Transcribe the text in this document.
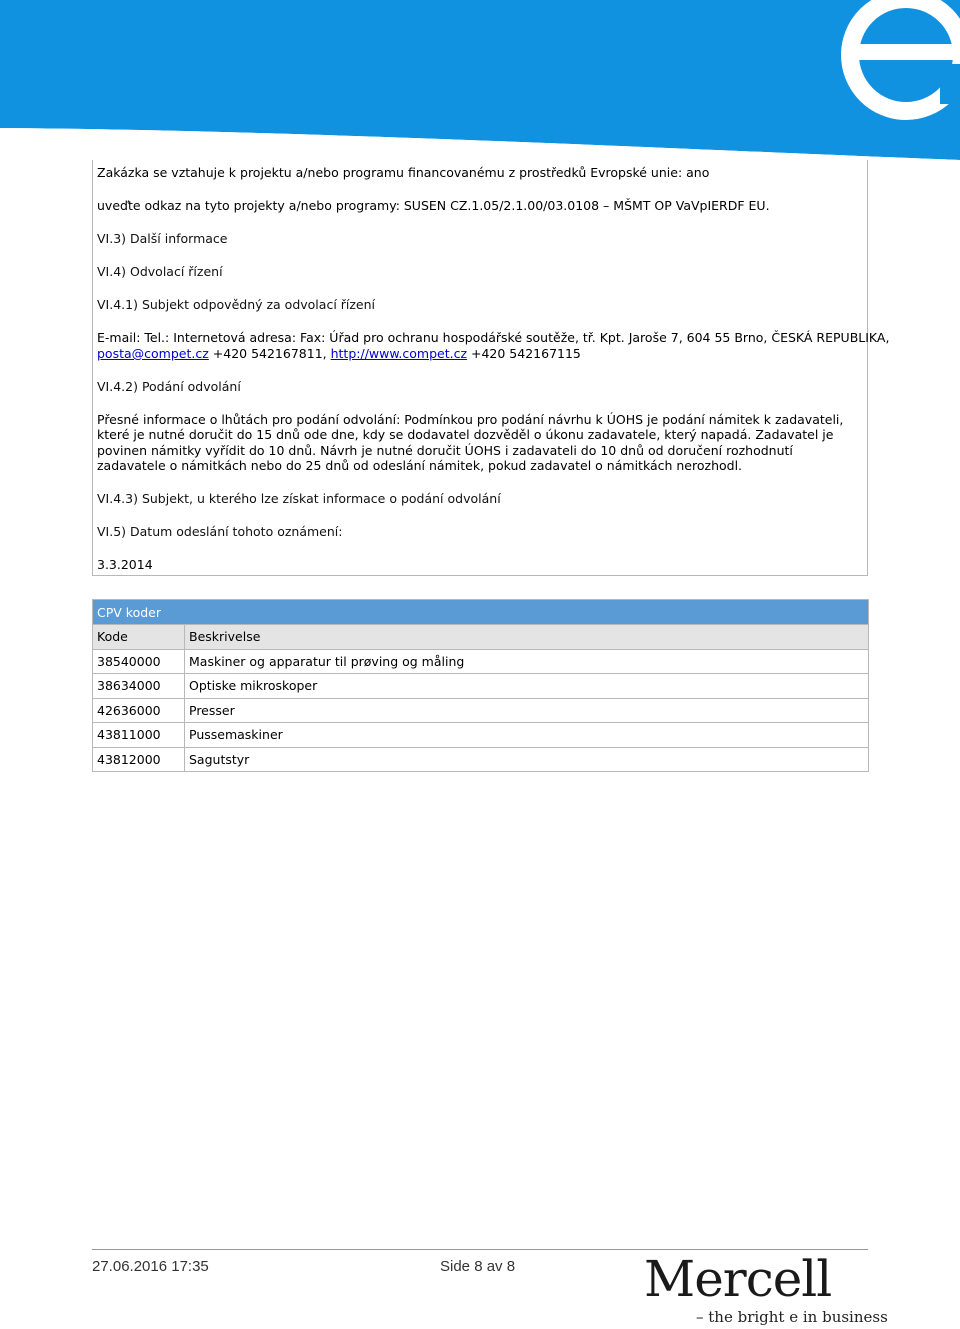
Zakázka se vztahuje k projektu a/nebo programu financovanému z prostředků Evropské unie: ano
uveďte odkaz na tyto projekty a/nebo programy: SUSEN CZ.1.05/2.1.00/03.0108 – MŠMT OP VaVpIERDF EU.
VI.3) Další informace
VI.4) Odvolací řízení
VI.4.1) Subjekt odpovědný za odvolací řízení
E-mail: Tel.: Internetová adresa: Fax: Úřad pro ochranu hospodářské soutěže, tř. Kpt. Jaroše 7, 604 55 Brno, ČESKÁ REPUBLIKA,
posta@compet.cz +420 542167811, http://www.compet.cz +420 542167115
VI.4.2) Podání odvolání
Přesné informace o lhůtách pro podání odvolání: Podmínkou pro podání návrhu k ÚOHS je podání námitek k zadavateli, které je nutné doručit do 15 dnů ode dne, kdy se dodavatel dozvěděl o úkonu zadavatele, který napadá. Zadavatel je povinen námitky vyřídit do 10 dnů. Návrh je nutné doručit ÚOHS i zadavateli do 10 dnů od doručení rozhodnutí zadavatele o námitkách nebo do 25 dnů od odeslání námitek, pokud zadavatel o námitkách nerozhodl.
VI.4.3) Subjekt, u kterého lze získat informace o podání odvolání
VI.5) Datum odeslání tohoto oznámení:
3.3.2014
CPV koder	
Kode	Beskrivelse
38540000	Maskiner og apparatur til prøving og måling
38634000	Optiske mikroskoper
42636000	Presser
43811000	Pussemaskiner
43812000	Sagutstyr
27.06.2016 17:35	Side 8 av 8	Mercell
– the bright e in business
